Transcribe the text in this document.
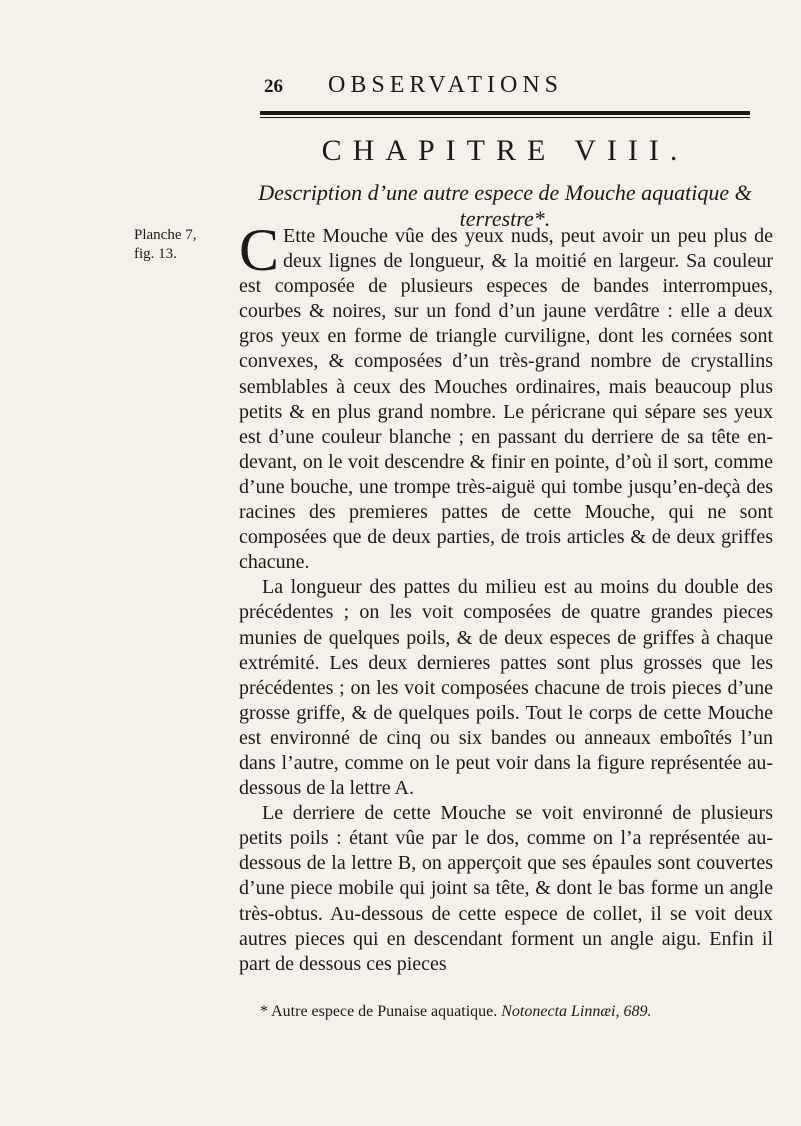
26 OBSERVATIONS
CHAPITRE VIII.
Description d’une autre espece de Mouche aquatique & terrestre*.
Planche 7,
fig. 13.	C Ette Mouche vûe des yeux nuds, peut avoir un peu plus de deux lignes de longueur, & la moitié en largeur. Sa couleur est composée de plusieurs especes de bandes interrompues, courbes & noires, sur un fond d’un jaune verdâtre : elle a deux gros yeux en forme de triangle curviligne, dont les cornées sont convexes, & composées d’un très-grand nombre de crystallins semblables à ceux des Mouches ordinaires, mais beaucoup plus petits & en plus grand nombre. Le péricrane qui sépare ses yeux est d’une couleur blanche ; en passant du derriere de sa tête en-devant, on le voit descendre & finir en pointe, d’où il sort, comme d’une bouche, une trompe très-aiguë qui tombe jusqu’en-deçà des racines des premieres pattes de cette Mouche, qui ne sont composées que de deux parties, de trois articles & de deux griffes chacune.

La longueur des pattes du milieu est au moins du double des précédentes ; on les voit composées de quatre grandes pieces munies de quelques poils, & de deux especes de griffes à chaque extrémité. Les deux dernieres pattes sont plus grosses que les précédentes ; on les voit composées chacune de trois pieces d’une grosse griffe, & de quelques poils. Tout le corps de cette Mouche est environné de cinq ou six bandes ou anneaux emboîtés l’un dans l’autre, comme on le peut voir dans la figure représentée au-dessous de la lettre A.

Le derriere de cette Mouche se voit environné de plusieurs petits poils : étant vûe par le dos, comme on l’a représentée au-dessous de la lettre B, on apperçoit que ses épaules sont couvertes d’une piece mobile qui joint sa tête, & dont le bas forme un angle très-obtus. Au-dessous de cette espece de collet, il se voit deux autres pieces qui en descendant forment un angle aigu. Enfin il part de dessous ces pieces

* Autre espece de Punaise aquatique. Notonecta Linnæi, 689.
